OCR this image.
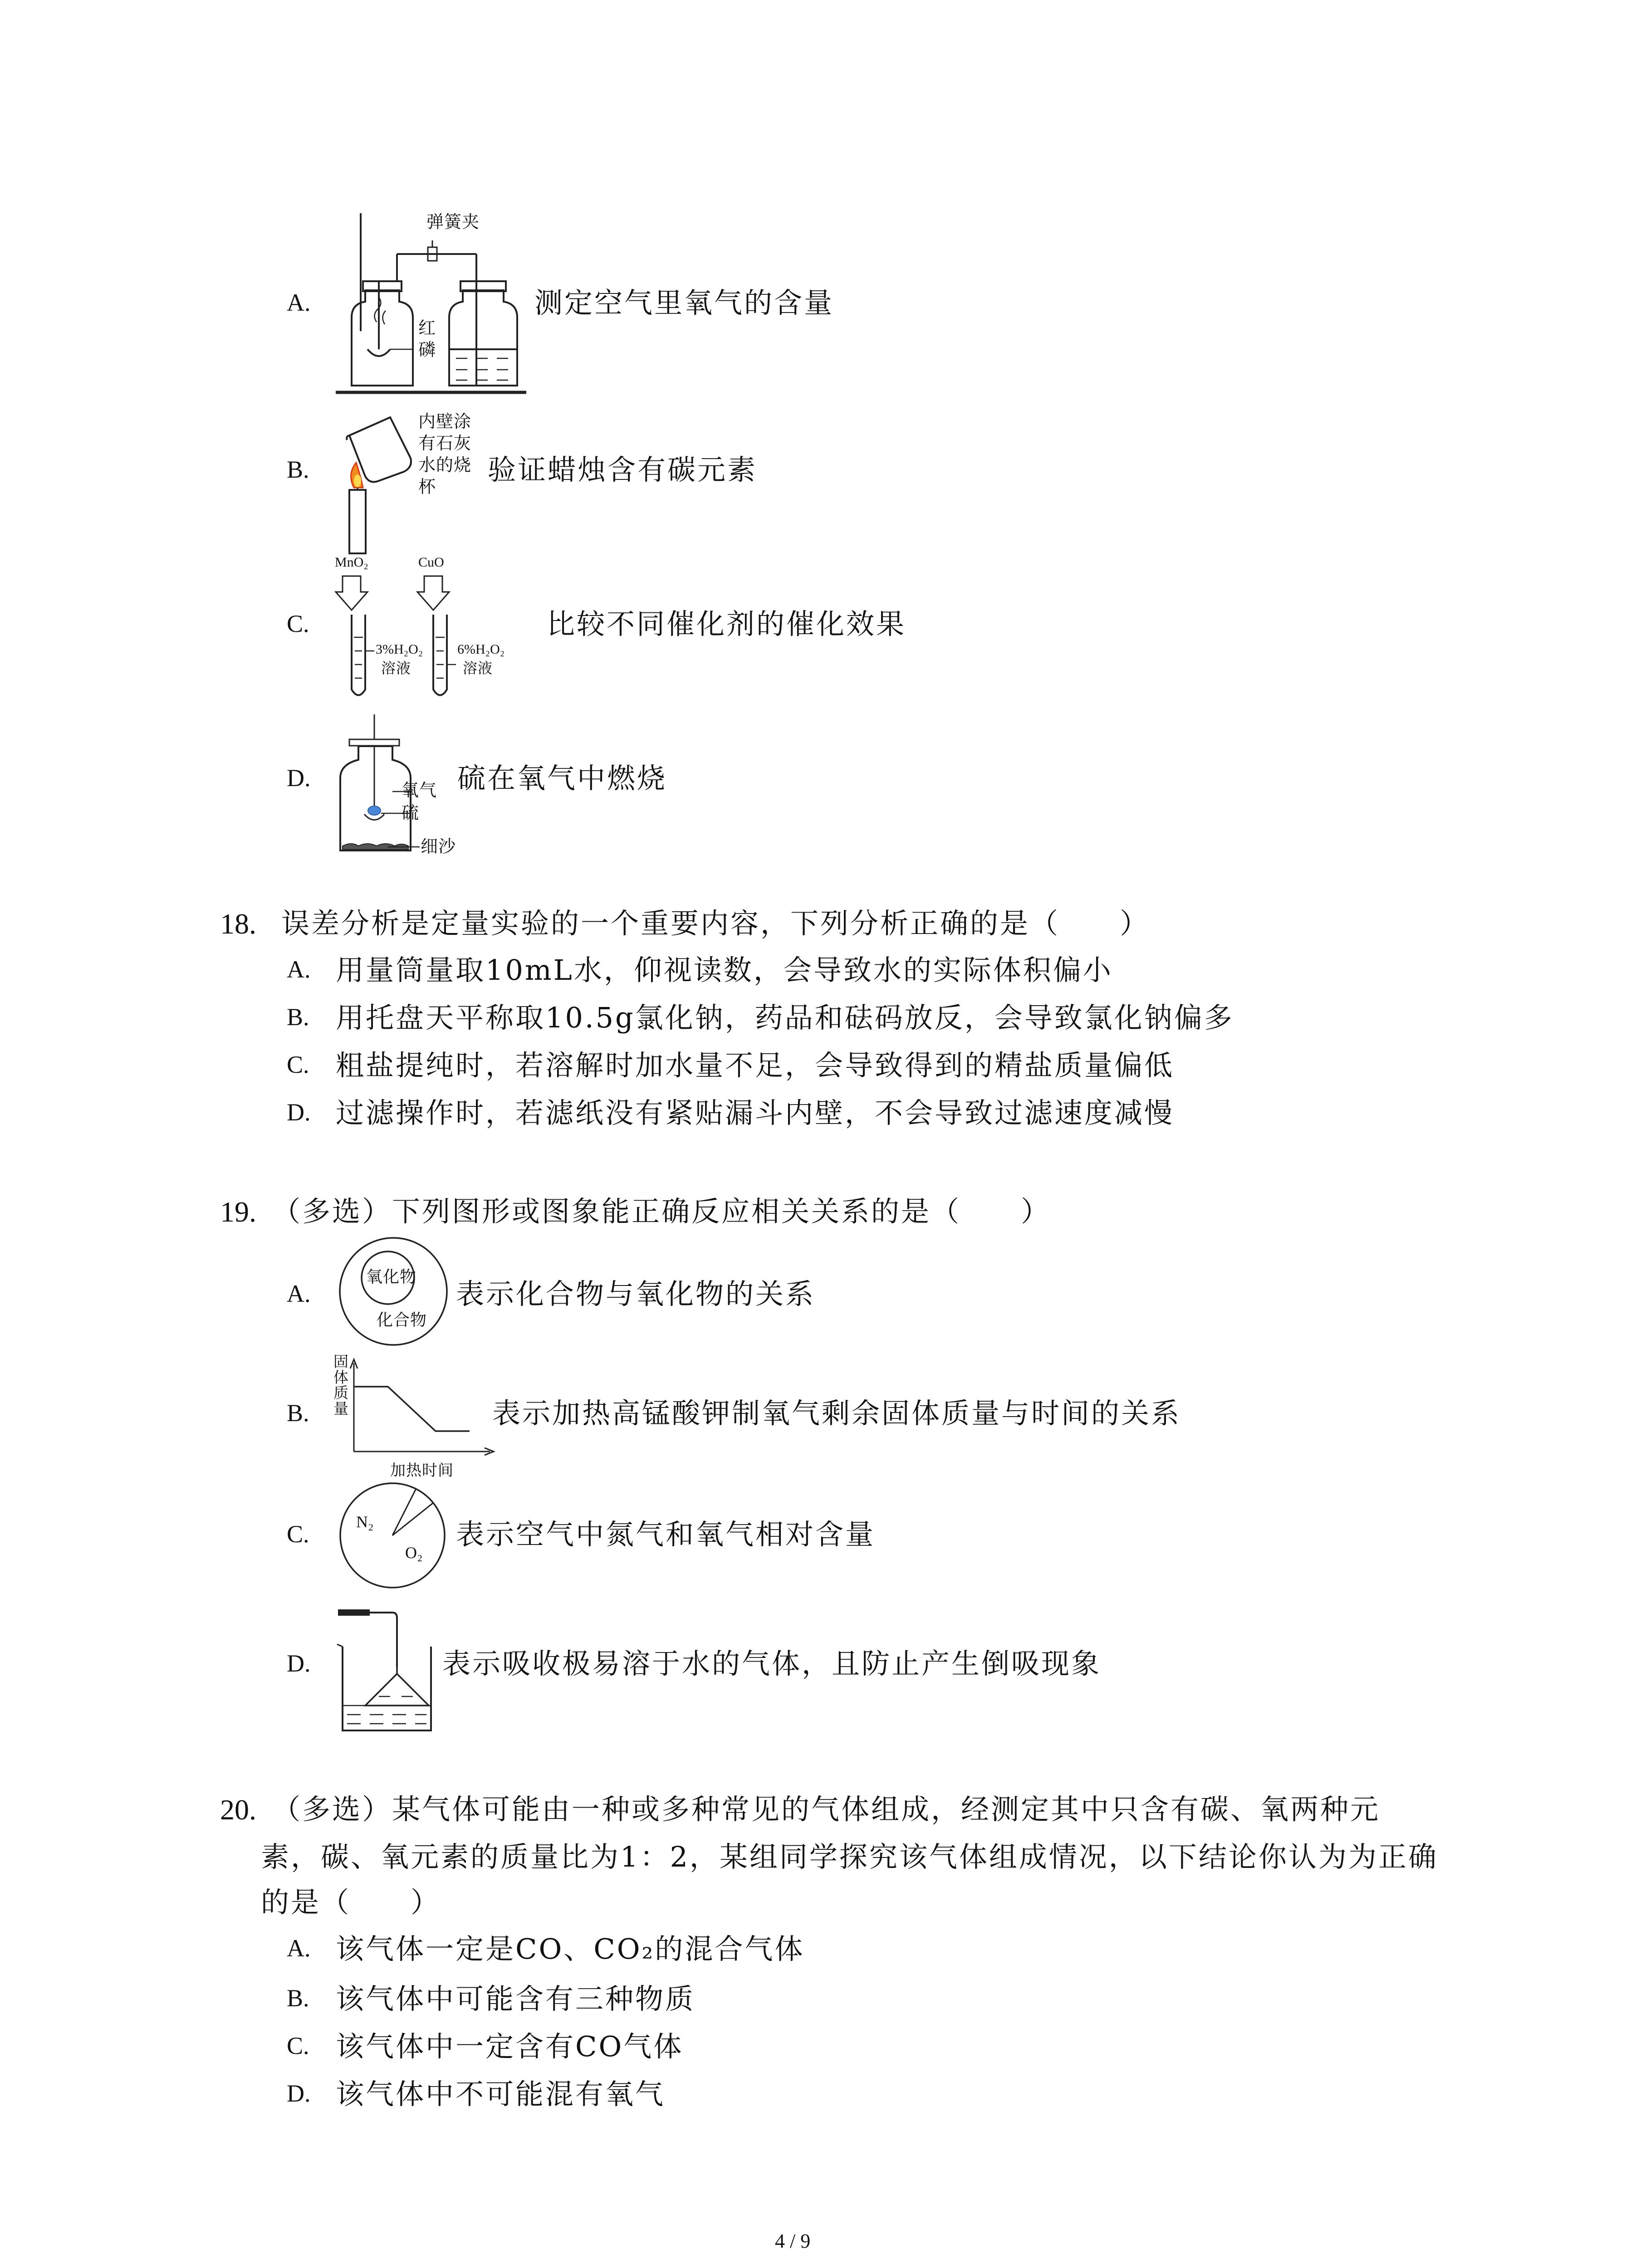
A.
弹簧夹
红
磷
测定空气里氧气的含量
B.
内壁涂
有石灰
水的烧
杯
验证蜡烛含有碳元素
C.
MnO₂	CuO
3%H₂O₂
溶液
6%H₂O₂
溶液
比较不同催化剂的催化效果
D.	氧气
硫
细沙
硫在氧气中燃烧
18. 误差分析是定量实验的一个重要内容，下列分析正确的是（　　）
A. 用量筒量取10mL水，仰视读数，会导致水的实际体积偏小
B. 用托盘天平称取10.5g氯化钠，药品和砝码放反，会导致氯化钠偏多
C. 粗盐提纯时，若溶解时加水量不足，会导致得到的精盐质量偏低
D. 过滤操作时，若滤纸没有紧贴漏斗内壁，不会导致过滤速度减慢
19. （多选）下列图形或图象能正确反应相关关系的是（　　）
A.
氧化物
化合物
表示化合物与氧化物的关系
B.
固
体
质
量
加热时间
表示加热高锰酸钾制氧气剩余固体质量与时间的关系
C.	N₂
O₂
表示空气中氮气和氧气相对含量
D.	表示吸收极易溶于水的气体，且防止产生倒吸现象
20. （多选）某气体可能由一种或多种常见的气体组成，经测定其中只含有碳、氧两种元
素，碳、氧元素的质量比为1：2，某组同学探究该气体组成情况，以下结论你认为为正确
的是（　　）
A. 该气体一定是CO、CO₂的混合气体
B. 该气体中可能含有三种物质
C. 该气体中一定含有CO气体
D. 该气体中不可能混有氧气
4 / 9
